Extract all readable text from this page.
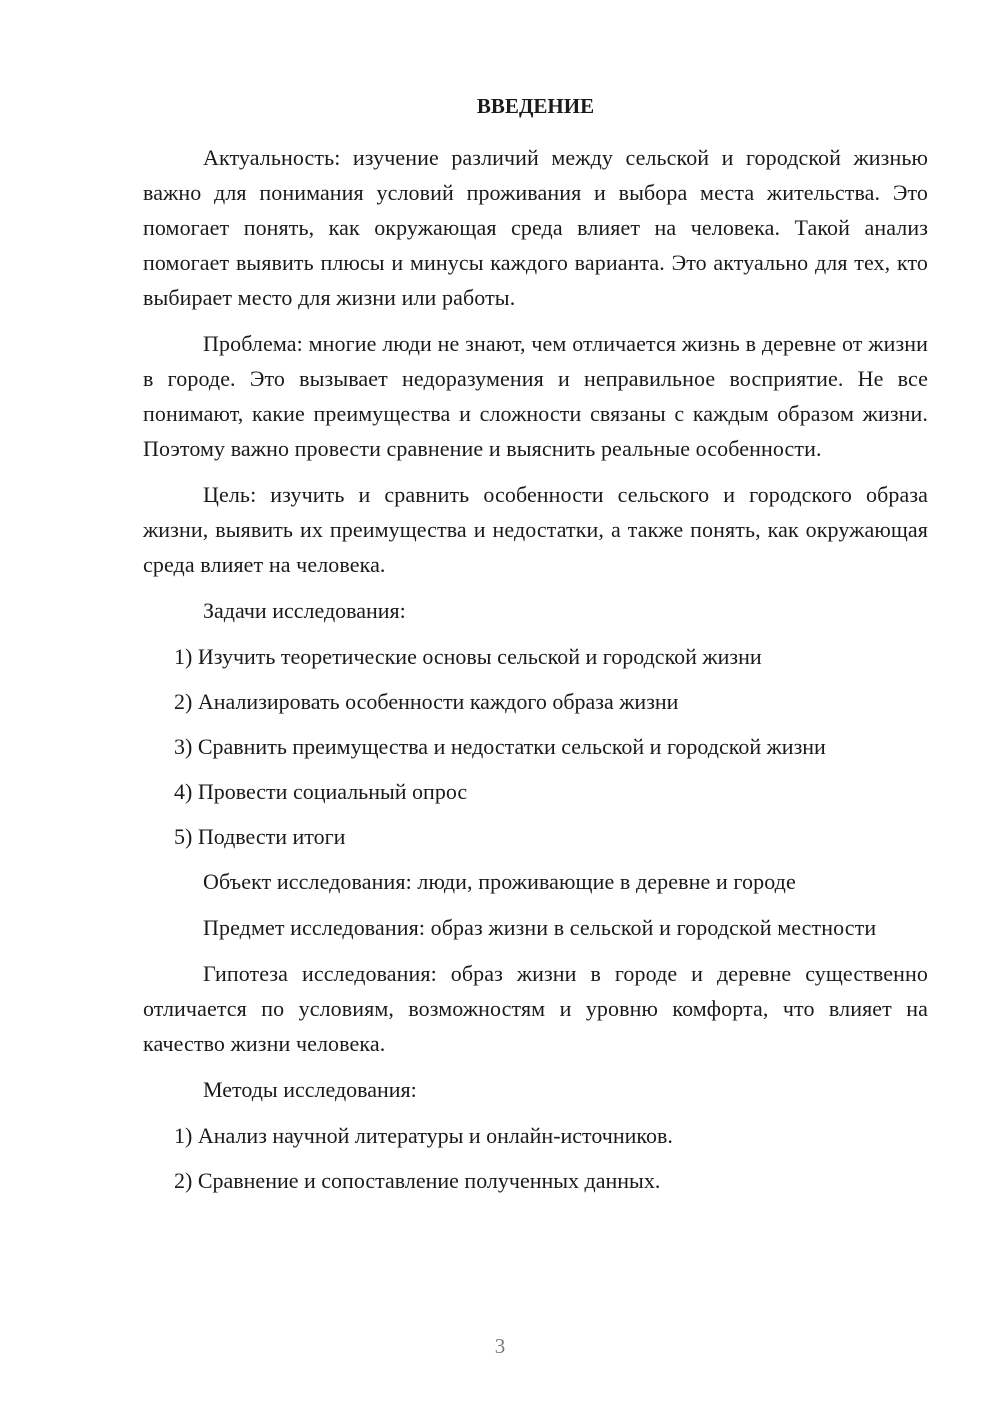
ВВЕДЕНИЕ

Актуальность: изучение различий между сельской и городской жизнью важно для понимания условий проживания и выбора места жительства. Это помогает понять, как окружающая среда влияет на человека. Такой анализ помогает выявить плюсы и минусы каждого варианта. Это актуально для тех, кто выбирает место для жизни или работы.

Проблема: многие люди не знают, чем отличается жизнь в деревне от жизни в городе. Это вызывает недоразумения и неправильное восприятие. Не все понимают, какие преимущества и сложности связаны с каждым образом жизни. Поэтому важно провести сравнение и выяснить реальные особенности.

Цель: изучить и сравнить особенности сельского и городского образа жизни, выявить их преимущества и недостатки, а также понять, как окружающая среда влияет на человека.

Задачи исследования:
1) Изучить теоретические основы сельской и городской жизни
2) Анализировать особенности каждого образа жизни
3) Сравнить преимущества и недостатки сельской и городской жизни
4) Провести социальный опрос
5) Подвести итоги

Объект исследования: люди, проживающие в деревне и городе

Предмет исследования: образ жизни в сельской и городской местности

Гипотеза исследования: образ жизни в городе и деревне существенно отличается по условиям, возможностям и уровню комфорта, что влияет на качество жизни человека.

Методы исследования:
1) Анализ научной литературы и онлайн-источников.
2) Сравнение и сопоставление полученных данных.
3
